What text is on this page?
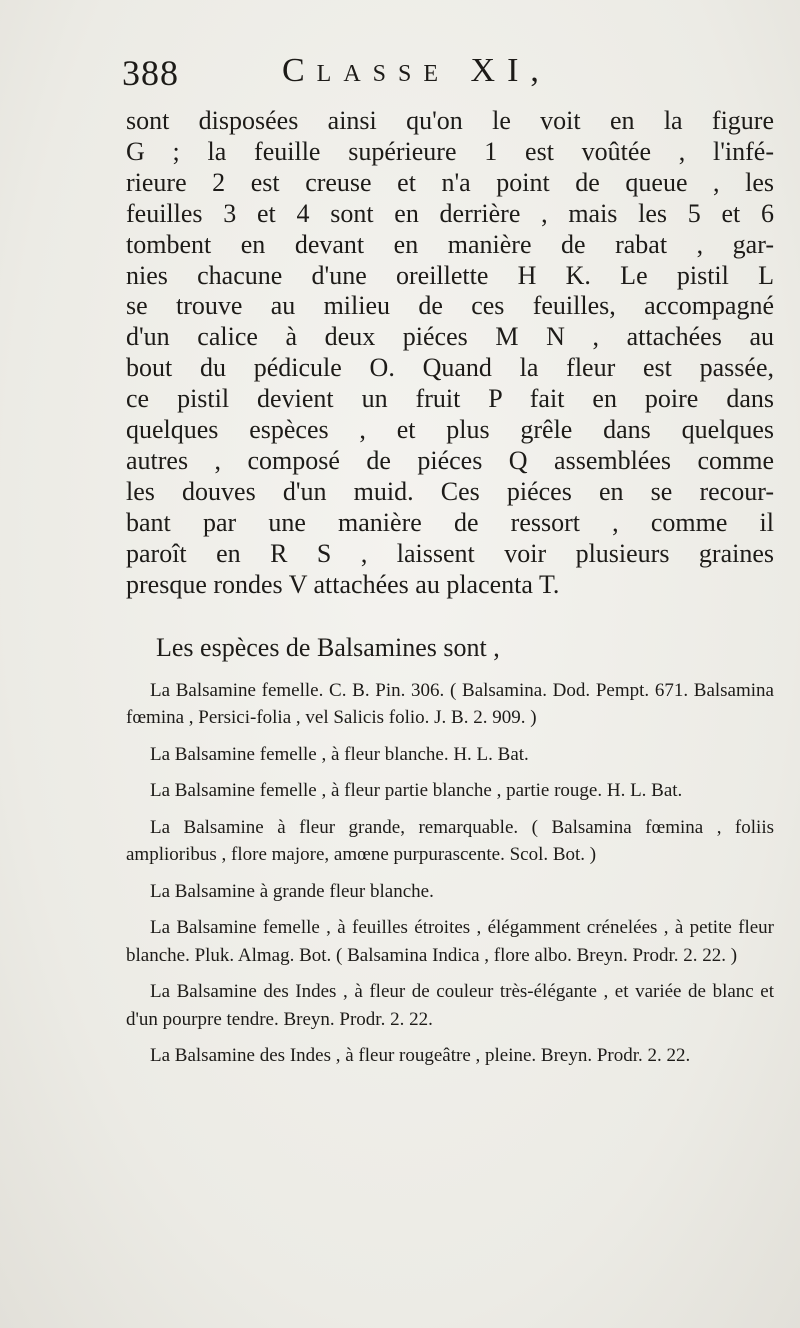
388	Classe XI,

sont disposées ainsi qu'on le voit en la figure

G ; la feuille supérieure 1 est voûtée , l'infé-

rieure 2 est creuse et n'a point de queue , les

feuilles 3 et 4 sont en derrière , mais les 5 et 6

tombent en devant en manière de rabat , gar-

nies chacune d'une oreillette H K. Le pistil L

se trouve au milieu de ces feuilles, accompagné

d'un calice à deux piéces M N , attachées au

bout du pédicule O. Quand la fleur est passée,

ce pistil devient un fruit P fait en poire dans

quelques espèces , et plus grêle dans quelques

autres , composé de piéces Q assemblées comme

les douves d'un muid. Ces piéces en se recour-

bant par une manière de ressort , comme il

paroît en R S , laissent voir plusieurs graines

presque rondes V attachées au placenta T.

Les espèces de Balsamines sont ,

La Balsamine femelle. C. B. Pin. 306. ( Balsamina. Dod. Pempt. 671. Balsamina fœmina , Persici-folia , vel Salicis folio. J. B. 2. 909. )

La Balsamine femelle , à fleur blanche. H. L. Bat.

La Balsamine femelle , à fleur partie blanche , partie rouge. H. L. Bat.

La Balsamine à fleur grande, remarquable. ( Balsamina fœmina , foliis amplioribus , flore majore, amœne purpurascente. Scol. Bot. )

La Balsamine à grande fleur blanche.

La Balsamine femelle , à feuilles étroites , élégamment crénelées , à petite fleur blanche. Pluk. Almag. Bot. ( Balsamina Indica , flore albo. Breyn. Prodr. 2. 22. )

La Balsamine des Indes , à fleur de couleur très-élégante , et variée de blanc et d'un pourpre tendre. Breyn. Prodr. 2. 22.

La Balsamine des Indes , à fleur rougeâtre , pleine. Breyn. Prodr. 2. 22.
